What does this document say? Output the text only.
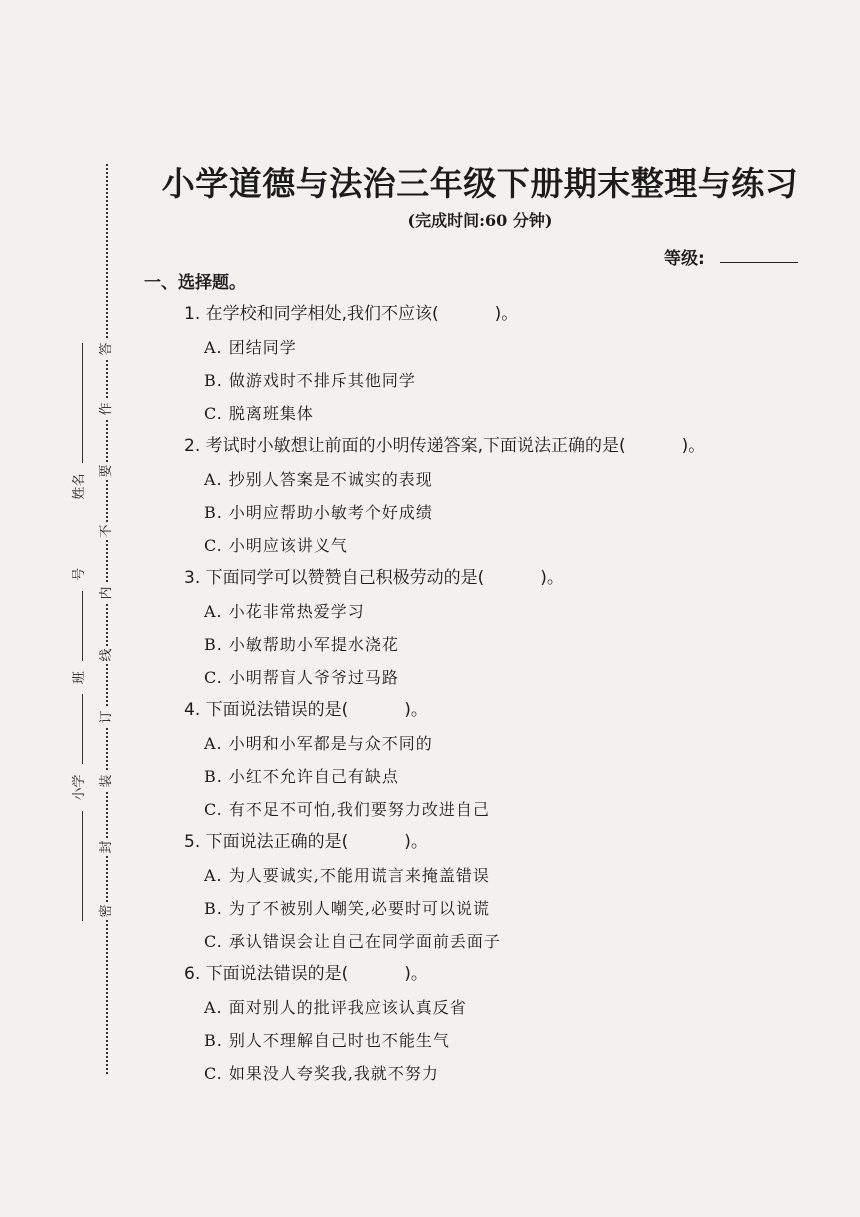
答
作
要
不
内
线
订
装
封
密
小学  班  号  姓名
小学道德与法治三年级下册期末整理与练习
(完成时间:60 分钟)
等级:
一、选择题。
1. 在学校和同学相处,我们不应该(	)。
A. 团结同学
B. 做游戏时不排斥其他同学
C. 脱离班集体
2. 考试时小敏想让前面的小明传递答案,下面说法正确的是(	)。
A. 抄别人答案是不诚实的表现
B. 小明应帮助小敏考个好成绩
C. 小明应该讲义气
3. 下面同学可以赞赞自己积极劳动的是(	)。
A. 小花非常热爱学习
B. 小敏帮助小军提水浇花
C. 小明帮盲人爷爷过马路
4. 下面说法错误的是(	)。
A. 小明和小军都是与众不同的
B. 小红不允许自己有缺点
C. 有不足不可怕,我们要努力改进自己
5. 下面说法正确的是(	)。
A. 为人要诚实,不能用谎言来掩盖错误
B. 为了不被别人嘲笑,必要时可以说谎
C. 承认错误会让自己在同学面前丢面子
6. 下面说法错误的是(	)。
A. 面对别人的批评我应该认真反省
B. 别人不理解自己时也不能生气
C. 如果没人夸奖我,我就不努力
